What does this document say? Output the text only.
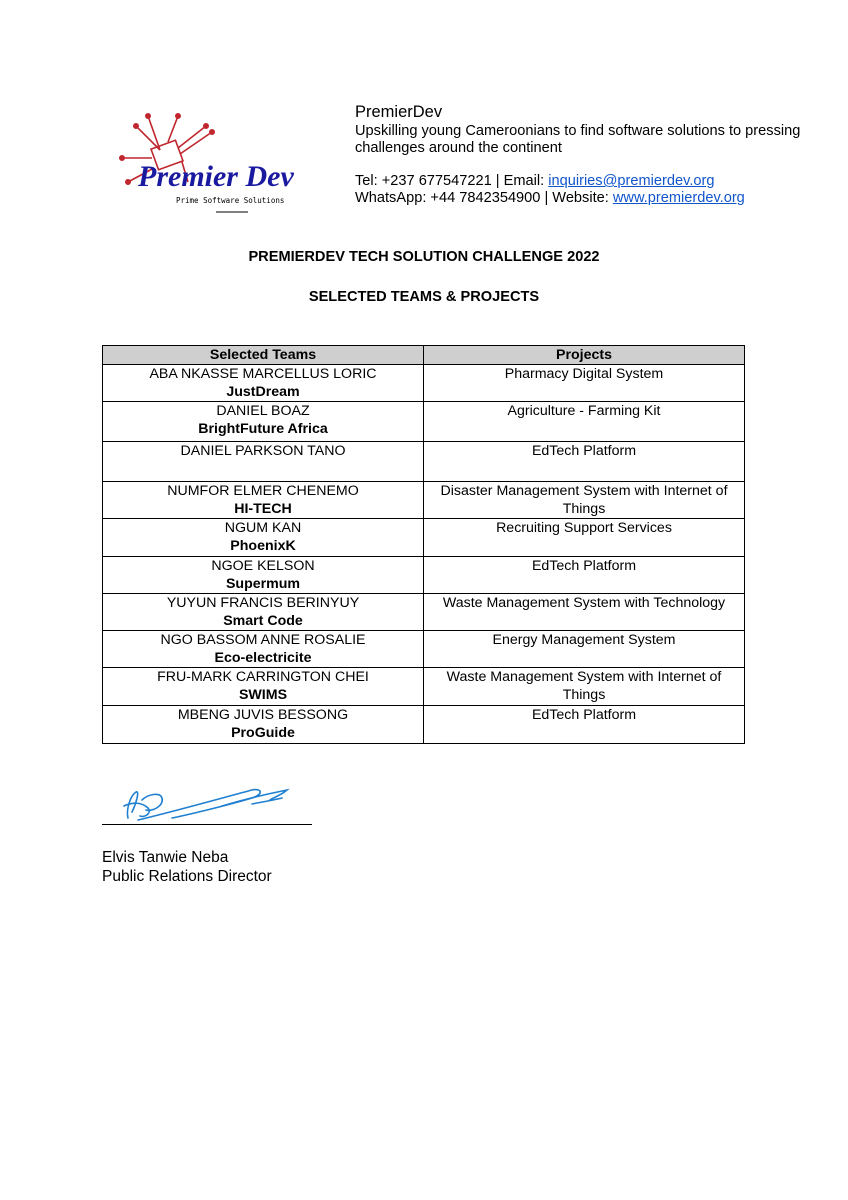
Premier Dev
Prime Software Solutions
PremierDev
Upskilling young Cameroonians to find software solutions to pressing challenges around the continent
Tel: +237 677547221 | Email: inquiries@premierdev.org
WhatsApp: +44 7842354900 | Website: www.premierdev.org
PREMIERDEV TECH SOLUTION CHALLENGE 2022
SELECTED TEAMS & PROJECTS
Selected Teams	Projects

ABA NKASSE MARCELLUS LORIC
JustDream	Pharmacy Digital System

DANIEL BOAZ
BrightFuture Africa	Agriculture - Farming Kit

DANIEL PARKSON TANO	EdTech Platform

NUMFOR ELMER CHENEMO
HI-TECH	Disaster Management System with Internet of Things

NGUM KAN
PhoenixK	Recruiting Support Services

NGOE KELSON
Supermum	EdTech Platform

YUYUN FRANCIS BERINYUY
Smart Code	Waste Management System with Technology

NGO BASSOM ANNE ROSALIE
Eco-electricite	Energy Management System

FRU-MARK CARRINGTON CHEI
SWIMS	Waste Management System with Internet of Things

MBENG JUVIS BESSONG
ProGuide	EdTech Platform
Elvis Tanwie Neba
Public Relations Director
